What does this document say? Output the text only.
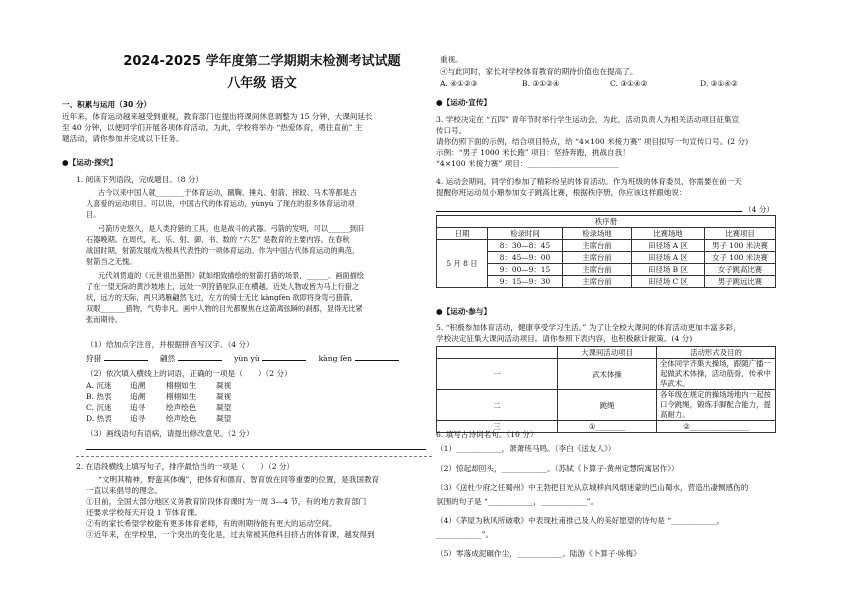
2024-2025 学年度第二学期期末检测考试试题
八年级 语文
一、积累与运用（30 分）
近年来，体育运动越来越受到重视，教育部门也提出将课间休息调整为 15 分钟，大课间延长
至 40 分钟，以便同学们开展各项体育活动。为此，学校将举办 “热爱体育，勇往直前” 主
题活动，请你参加并完成以下任务。
●【运动·探究】
1. 阅读下列语段，完成题目。（8 分）
古今以来中国人就________于体育运动，蹴鞠、捶丸、射箭、摔跤、马术等都是古
人喜爱的运动项目。可以说，中国古代的体育运动，yùnyù 了现在的很多体育运动项
目。
弓箭历史悠久，是人类狩猎的工具，也是战斗的武器。弓箭的发明，可以______到旧
石器晚期。在周代，礼、乐、射、御、书、数的 “六艺” 是教育的主要内容。在春秋
战国时期，射箭发展成为极具代表性的一项体育运动。作为中国古代体育运动的典范，
射箭当之无愧。
元代刘贯道的《元世祖出猎图》就如细致描绘的射箭打猎的场景，______。画面描绘
了在一望无际的黄沙坡地上，远处一列狩猎驼队正在横越，近处人物或皆为马上行猎之
状，远方的天际，两只鸿雁翩然飞过，左方的骑士无比 kàngfèn 欲即将身弯弓猎箭，
双眼_______猎物，气势非凡。画中人物的目光都聚焦在这箭离弦瞬的刹那，显得无比紧
张而期待。
（1）给加点字注音，并根据拼音写汉字。（4 分）
狩猎	翩然	yùn yù	kàng fèn
（2）依次填入横线上的词语，正确的一项是（　　）（2 分）
A. 沉迷 追溯	栩栩如生	凝视
B. 热衷 追溯	栩栩如生	凝视
C. 沉迷 追寻	绘声绘色	凝望
D. 热衷 追寻	绘声绘色	凝望
（3）画线语句有语病，请提出修改意见。（2 分）
2. 在语段横线上填写句子，排序最恰当的一项是（　　）（2 分）
“文明其精神，野蛮其体魄”，把体育和德育、智育放在同等重要的位置，是我国教育
一直以来倡导的理念。
①目前，全国大部分地区义务教育阶段体育课时为一周 3—4 节，有的地方教育部门
还要求学校每天开设 1 节体育课。
②有的家长希望学校能有更多体育老师，有的则期待能有更大的运动空间。
③近年来，在学校里，一个突出的变化是，过去常被其他科目挤占的体育课，越发得到
重视。
④与此同时，家长对学校体育教育的期待价值也在提高了。
A. ④①②③	B. ③①②④	C. ③①④②	D. ③①④②
●【运动·宣传】
3. 学校决定在 “五四” 青年节时举行学生运动会，为此，活动负责人为相关活动项目征集宣
传口号。
请你仿照下面的示例，结合项目特点，给 “4×100 米接力赛” 项目拟写一句宣传口号。(2 分)
示例：“男子 1000 米长跑” 项目：坚持奔跑，挑战自我！
“4×100 米接力赛” 项目：________________________
4. 运动会期间，同学们参加了精彩纷呈的体育活动。作为班级的体育委员，你需要在前一天
提醒你班运动员小珊参加女子跳高比赛，根据秩序册，你应该这样跟她说：
（4 分）
秩序册				
日期	检录时间	检录场地	比赛场地	比赛项目
5 月 8 日	8：30—8：45	主席台前	田径场 A 区	男子 100 米决赛
	8：45—9：00	主席台前	田径场 A 区	女子 100 米决赛
	9：00—9：15	主席台前	田径场 B 区	女子跳高比赛
	9：15—9：30	主席台前	田径场 C 区	男子跳远比赛
●【运动·参与】
5. “积极参加体育活动，健康享受学习生活。” 为了让全校大课间的体育活动更加丰富多彩，
学校决定征集大课间活动项目。请你参照下表内容，也积极献计献策。(4 分)
	大课间活动项目	活动形式及目的
一	武术体操	全体同学齐集大操场，跟随广播一起做武术体操，活动筋骨，传承中华武术。
二	跳绳	各年级在规定的操场场地内一起按口令跳绳，锻炼手脚配合能力，提高耐力。
三	①________	②________________
6. 填写古诗词名句。（10 分）
（1）____________，萧萧班马鸣。（李白《送友人》）
（2）惊起却回头，____________。（苏轼《卜算子·黄州定慧院寓居作》）
（3）《送杜少府之任蜀州》中王勃把目光从京城移向风烟迷蒙的巴山蜀水，营造出凄恻感伤的
氛围的句子是 “____________，____________”。
（4）《茅屋为秋风所破歌》中表现杜甫推己及人的美好愿望的诗句是 “____________，
____________”。
（5）零落成泥碾作尘，____________。陆游《卜算子·咏梅》
